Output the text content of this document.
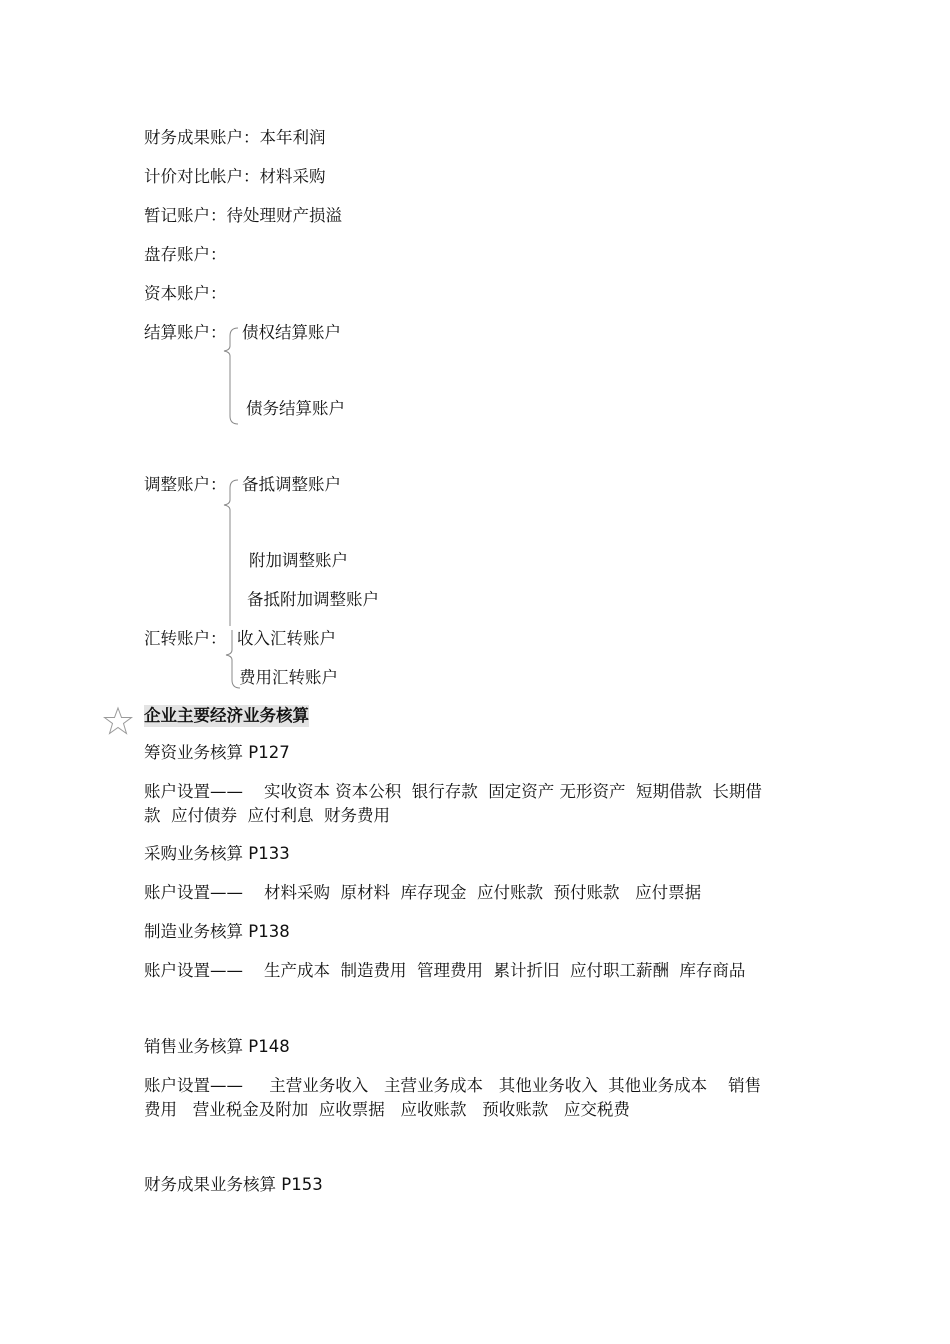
财务成果账户：本年利润
计价对比帐户：材料采购
暂记账户：待处理财产损溢
盘存账户：
资本账户：
结算账户： 债权结算账户
债务结算账户
调整账户： 备抵调整账户
附加调整账户
备抵附加调整账户
汇转账户： 收入汇转账户
费用汇转账户
企业主要经济业务核算
筹资业务核算 P127
账户设置——    实收资本 资本公积  银行存款  固定资产 无形资产  短期借款  长期借
款  应付债券  应付利息  财务费用
采购业务核算 P133
账户设置——    材料采购  原材料  库存现金  应付账款  预付账款   应付票据
制造业务核算 P138
账户设置——    生产成本  制造费用  管理费用  累计折旧  应付职工薪酬  库存商品
销售业务核算 P148
账户设置——     主营业务收入   主营业务成本   其他业务收入  其他业务成本    销售
费用   营业税金及附加  应收票据   应收账款   预收账款   应交税费
财务成果业务核算 P153
